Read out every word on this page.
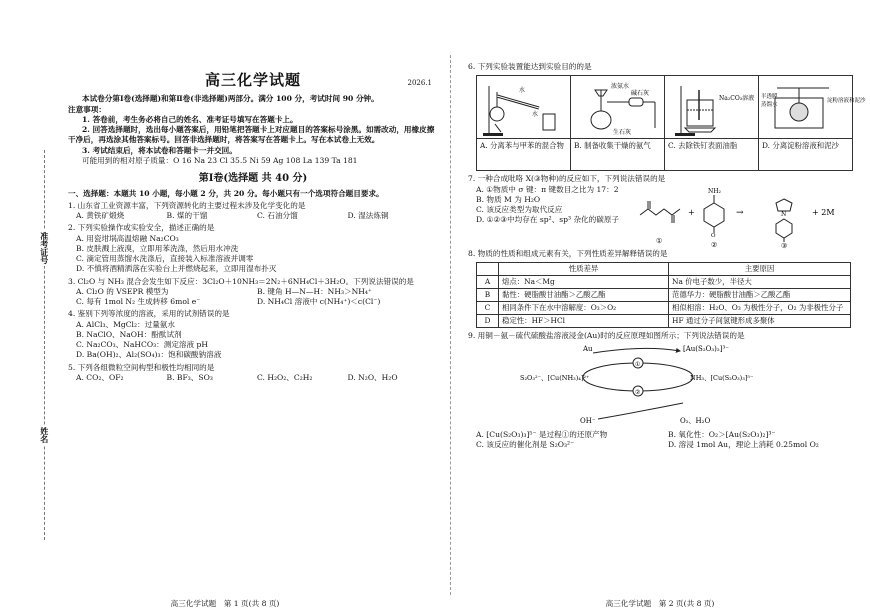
准考证号
姓名
高三化学试题	2026.1

本试卷分第Ⅰ卷(选择题)和第Ⅱ卷(非选择题)两部分。满分 100 分，考试时间 90 分钟。

注意事项：

1. 答卷前，考生务必将自己的姓名、准考证号填写在答题卡上。

2. 回答选择题时，选出每小题答案后，用铅笔把答题卡上对应题目的答案标号涂黑。如需改动，用橡皮擦干净后，再选涂其他答案标号。回答非选择题时，将答案写在答题卡上。写在本试卷上无效。

3. 考试结束后，将本试卷和答题卡一并交回。

可能用到的相对原子质量：O 16 Na 23 Cl 35.5 Ni 59 Ag 108 La 139 Ta 181

第Ⅰ卷(选择题 共 40 分)

一、选择题：本题共 10 小题，每小题 2 分，共 20 分。每小题只有一个选项符合题目要求。

1. 山东省工业资源丰富，下列资源转化的主要过程未涉及化学变化的是

A. 黄铁矿煅烧	B. 煤的干馏	C. 石油分馏	D. 湿法炼铜

2. 下列实验操作或实验安全，描述正确的是

A. 用瓷坩埚高温熔融 Na₂CO₃
B. 皮肤溅上液溴，立即用苯洗涤，然后用水冲洗
C. 滴定管用蒸馏水洗涤后，直接装入标准溶液并调零
D. 不慎将酒精洒落在实验台上并燃烧起来，立即用湿布扑灭

3. Cl₂O 与 NH₃ 混合会发生如下反应：3Cl₂O＋10NH₃＝2N₂＋6NH₄Cl＋3H₂O。下列说法错误的是

A. Cl₂O 的 VSEPR 模型为	B. 键角 H—N—H：NH₃＞NH₄⁺
C. 每有 1mol N₂ 生成转移 6mol e⁻	D. NH₄Cl 溶液中 c(NH₄⁺)＜c(Cl⁻)

4. 鉴别下列等浓度的溶液，采用的试剂错误的是

A. AlCl₃、MgCl₂：过量氨水
B. NaClO、NaOH：酚酞试剂
C. Na₂CO₃、NaHCO₃：测定溶液 pH
D. Ba(OH)₂、Al₂(SO₄)₃：饱和碳酸钠溶液

5. 下列各组微粒空间构型和极性均相同的是

A. CO₂、OF₂	B. BF₃、SO₃	C. H₂O₂、C₂H₂	D. N₂O、H₂O
高三化学试题　第 1 页(共 8 页)

6. 下列实验装置能达到实验目的的是

水
水
A. 分离苯与甲苯的混合物
浓氨水
碱石灰
生石灰
B. 制备收集干燥的氨气
Na₂CO₃溶液
C. 去除铁钉表面油脂
半透膜
蒸馏水
淀粉溶液和泥沙
D. 分离淀粉溶液和泥沙

7. 一种合成吡咯 X(③物种)的反应如下，下列说法错误的是

A. ①物质中 σ 键：π 键数目之比为 17：2

B. 物质 M 为 H₂O

C. 该反应类型为取代反应

D. ①②③中均存在 sp²、sp³ 杂化的碳原子

①
+
NH₂
O
②
→	N
③
+ 2M

8. 物质的性质和组成元素有关，下列性质差异解释错误的是

	性质差异	主要原因
A	熔点：Na＜Mg	Na 价电子数少，半径大
B	黏性：硬脂酸甘油酯＞乙酸乙酯	范德华力：硬脂酸甘油酯＞乙酸乙酯
C	相同条件下在水中溶解度：O₃＞O₂	相似相溶：H₂O、O₃ 为极性分子，O₂ 为非极性分子
D	稳定性：HF＞HCl	HF 通过分子间氢键形成多聚体

9. 用铜－氨－硫代硫酸盐溶液浸金(Au)时的反应原理如图所示；下列说法错误的是

Au	[Au(S₂O₃)₂]³⁻
①
②
S₂O₃²⁻、[Cu(NH₃)₄]²⁺	NH₃、[Cu(S₂O₃)₃]⁵⁻
OH⁻	O₂、H₂O
A. [Cu(S₂O₃)₃]⁵⁻ 是过程①的还原产物	B. 氧化性：O₂＞[Au(S₂O₃)₂]³⁻
C. 该反应的催化剂是 S₂O₃²⁻	D. 溶浸 1mol Au，理论上消耗 0.25mol O₂
高三化学试题　第 2 页(共 8 页)
